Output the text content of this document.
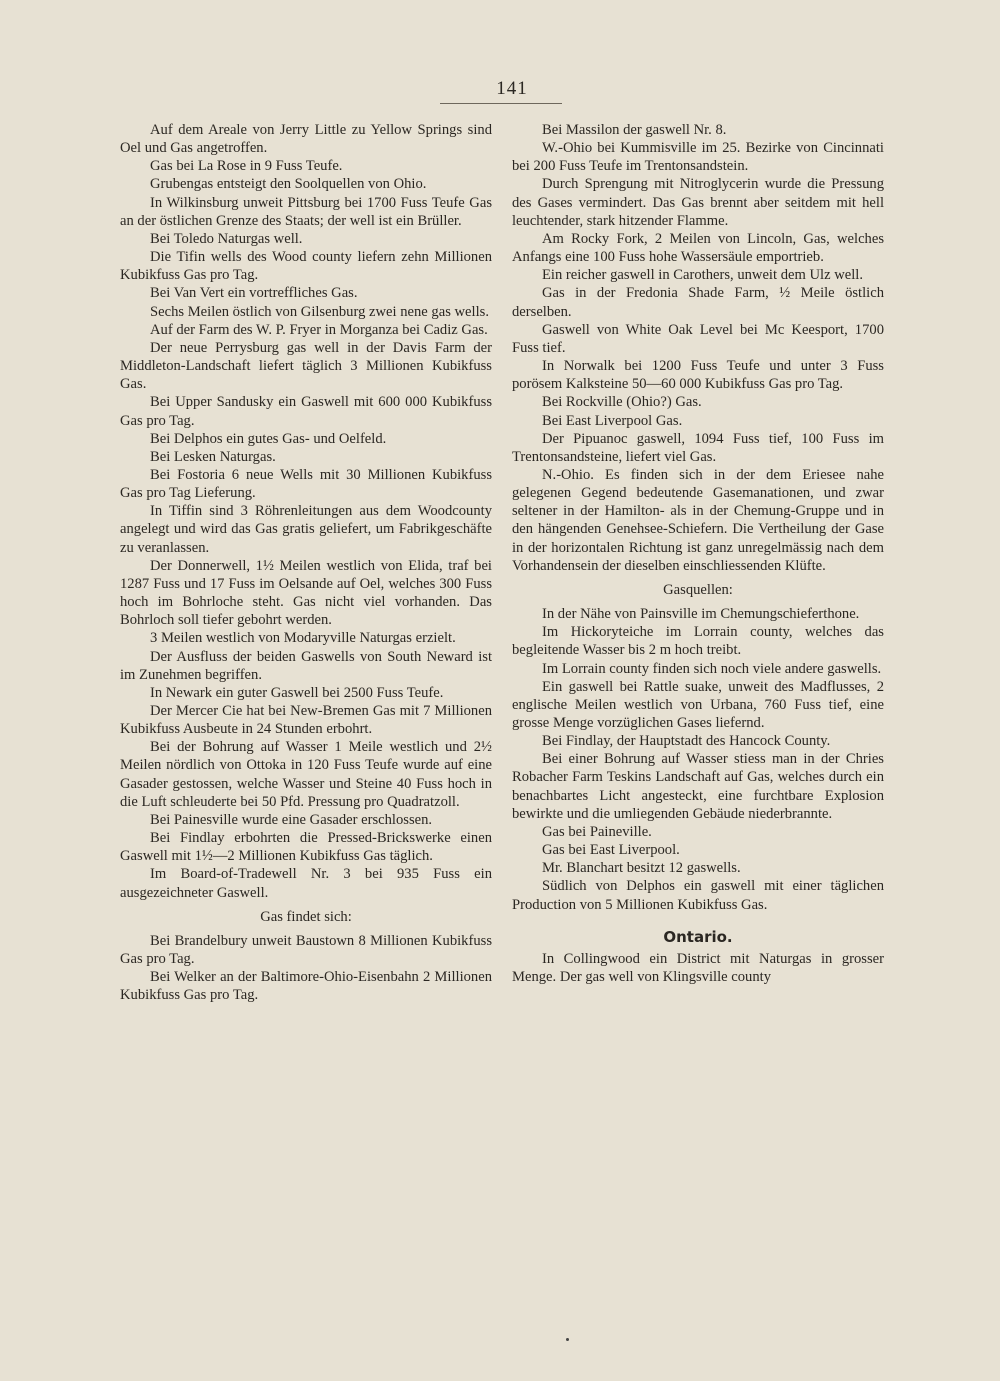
141

Auf dem Areale von Jerry Little zu Yellow Springs sind Oel und Gas angetroffen.

Gas bei La Rose in 9 Fuss Teufe.

Grubengas entsteigt den Soolquellen von Ohio.

In Wilkinsburg unweit Pittsburg bei 1700 Fuss Teufe Gas an der östlichen Grenze des Staats; der well ist ein Brüller.

Bei Toledo Naturgas well.

Die Tifin wells des Wood county liefern zehn Millionen Kubikfuss Gas pro Tag.

Bei Van Vert ein vortreffliches Gas.

Sechs Meilen östlich von Gilsenburg zwei nene gas wells.

Auf der Farm des W. P. Fryer in Morganza bei Cadiz Gas.

Der neue Perrysburg gas well in der Davis Farm der Middleton-Landschaft liefert täglich 3 Millionen Kubikfuss Gas.

Bei Upper Sandusky ein Gaswell mit 600 000 Kubikfuss Gas pro Tag.

Bei Delphos ein gutes Gas- und Oelfeld.

Bei Lesken Naturgas.

Bei Fostoria 6 neue Wells mit 30 Millionen Kubikfuss Gas pro Tag Lieferung.

In Tiffin sind 3 Röhrenleitungen aus dem Woodcounty angelegt und wird das Gas gratis geliefert, um Fabrikgeschäfte zu veranlassen.

Der Donnerwell, 1½ Meilen westlich von Elida, traf bei 1287 Fuss und 17 Fuss im Oelsande auf Oel, welches 300 Fuss hoch im Bohrloche steht. Gas nicht viel vorhanden. Das Bohrloch soll tiefer gebohrt werden.

3 Meilen westlich von Modaryville Naturgas erzielt.

Der Ausfluss der beiden Gaswells von South Neward ist im Zunehmen begriffen.

In Newark ein guter Gaswell bei 2500 Fuss Teufe.

Der Mercer Cie hat bei New-Bremen Gas mit 7 Millionen Kubikfuss Ausbeute in 24 Stunden erbohrt.

Bei der Bohrung auf Wasser 1 Meile westlich und 2½ Meilen nördlich von Ottoka in 120 Fuss Teufe wurde auf eine Gasader gestossen, welche Wasser und Steine 40 Fuss hoch in die Luft schleuderte bei 50 Pfd. Pressung pro Quadratzoll.

Bei Painesville wurde eine Gasader erschlossen.

Bei Findlay erbohrten die Pressed-Brickswerke einen Gaswell mit 1½—2 Millionen Kubikfuss Gas täglich.

Im Board-of-Tradewell Nr. 3 bei 935 Fuss ein ausgezeichneter Gaswell.

Gas findet sich:

Bei Brandelbury unweit Baustown 8 Millionen Kubikfuss Gas pro Tag.

Bei Welker an der Baltimore-Ohio-Eisenbahn 2 Millionen Kubikfuss Gas pro Tag.

Bei Massilon der gaswell Nr. 8.

W.-Ohio bei Kummisville im 25. Bezirke von Cincinnati bei 200 Fuss Teufe im Trentonsandstein.

Durch Sprengung mit Nitroglycerin wurde die Pressung des Gases vermindert. Das Gas brennt aber seitdem mit hell leuchtender, stark hitzender Flamme.

Am Rocky Fork, 2 Meilen von Lincoln, Gas, welches Anfangs eine 100 Fuss hohe Wassersäule emportrieb.

Ein reicher gaswell in Carothers, unweit dem Ulz well.

Gas in der Fredonia Shade Farm, ½ Meile östlich derselben.

Gaswell von White Oak Level bei Mc Keesport, 1700 Fuss tief.

In Norwalk bei 1200 Fuss Teufe und unter 3 Fuss porösem Kalksteine 50—60 000 Kubikfuss Gas pro Tag.

Bei Rockville (Ohio?) Gas.

Bei East Liverpool Gas.

Der Pipuanoc gaswell, 1094 Fuss tief, 100 Fuss im Trentonsandsteine, liefert viel Gas.

N.-Ohio. Es finden sich in der dem Eriesee nahe gelegenen Gegend bedeutende Gasemanationen, und zwar seltener in der Hamilton- als in der Chemung-Gruppe und in den hängenden Genehsee-Schiefern. Die Vertheilung der Gase in der horizontalen Richtung ist ganz unregelmässig nach dem Vorhandensein der dieselben einschliessenden Klüfte.

Gasquellen:

In der Nähe von Painsville im Chemungschieferthone.

Im Hickoryteiche im Lorrain county, welches das begleitende Wasser bis 2 m hoch treibt.

Im Lorrain county finden sich noch viele andere gaswells.

Ein gaswell bei Rattle suake, unweit des Madflusses, 2 englische Meilen westlich von Urbana, 760 Fuss tief, eine grosse Menge vorzüglichen Gases liefernd.

Bei Findlay, der Hauptstadt des Hancock County.

Bei einer Bohrung auf Wasser stiess man in der Chries Robacher Farm Teskins Landschaft auf Gas, welches durch ein benachbartes Licht angesteckt, eine furchtbare Explosion bewirkte und die umliegenden Gebäude niederbrannte.

Gas bei Paineville.

Gas bei East Liverpool.

Mr. Blanchart besitzt 12 gaswells.

Südlich von Delphos ein gaswell mit einer täglichen Production von 5 Millionen Kubikfuss Gas.

Ontario.

In Collingwood ein District mit Naturgas in grosser Menge. Der gas well von Klingsville county
